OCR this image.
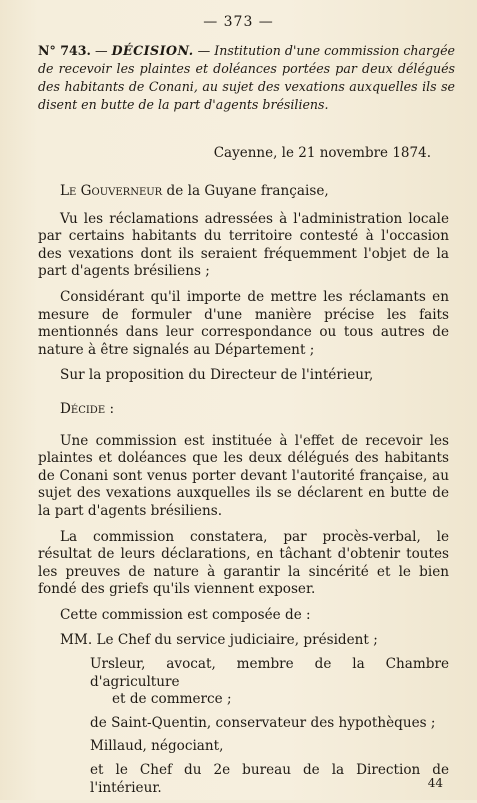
— 373 —
N° 743. — DÉCISION. — Institution d'une commission chargée de recevoir les plaintes et doléances portées par deux délégués des habitants de Conani, au sujet des vexations auxquelles ils se disent en butte de la part d'agents brésiliens.
Cayenne, le 21 novembre 1874.

Le Gouverneur de la Guyane française,

Vu les réclamations adressées à l'administration locale par certains habitants du territoire contesté à l'occasion des vexations dont ils seraient fréquemment l'objet de la part d'agents brésiliens ;

Considérant qu'il importe de mettre les réclamants en mesure de formuler d'une manière précise les faits mentionnés dans leur correspondance ou tous autres de nature à être signalés au Département ;

Sur la proposition du Directeur de l'intérieur,

Décide :

Une commission est instituée à l'effet de recevoir les plaintes et doléances que les deux délégués des habitants de Conani sont venus porter devant l'autorité française, au sujet des vexations auxquelles ils se déclarent en butte de la part d'agents brésiliens.

La commission constatera, par procès-verbal, le résultat de leurs déclarations, en tâchant d'obtenir toutes les preuves de nature à garantir la sincérité et le bien fondé des griefs qu'ils viennent exposer.

Cette commission est composée de :

MM. Le Chef du service judiciaire, président ;

Ursleur, avocat, membre de la Chambre d'agriculture
et de commerce ;

de Saint-Quentin, conservateur des hypothèques ;

Millaud, négociant,

et le Chef du 2e bureau de la Direction de l'intérieur.	44
